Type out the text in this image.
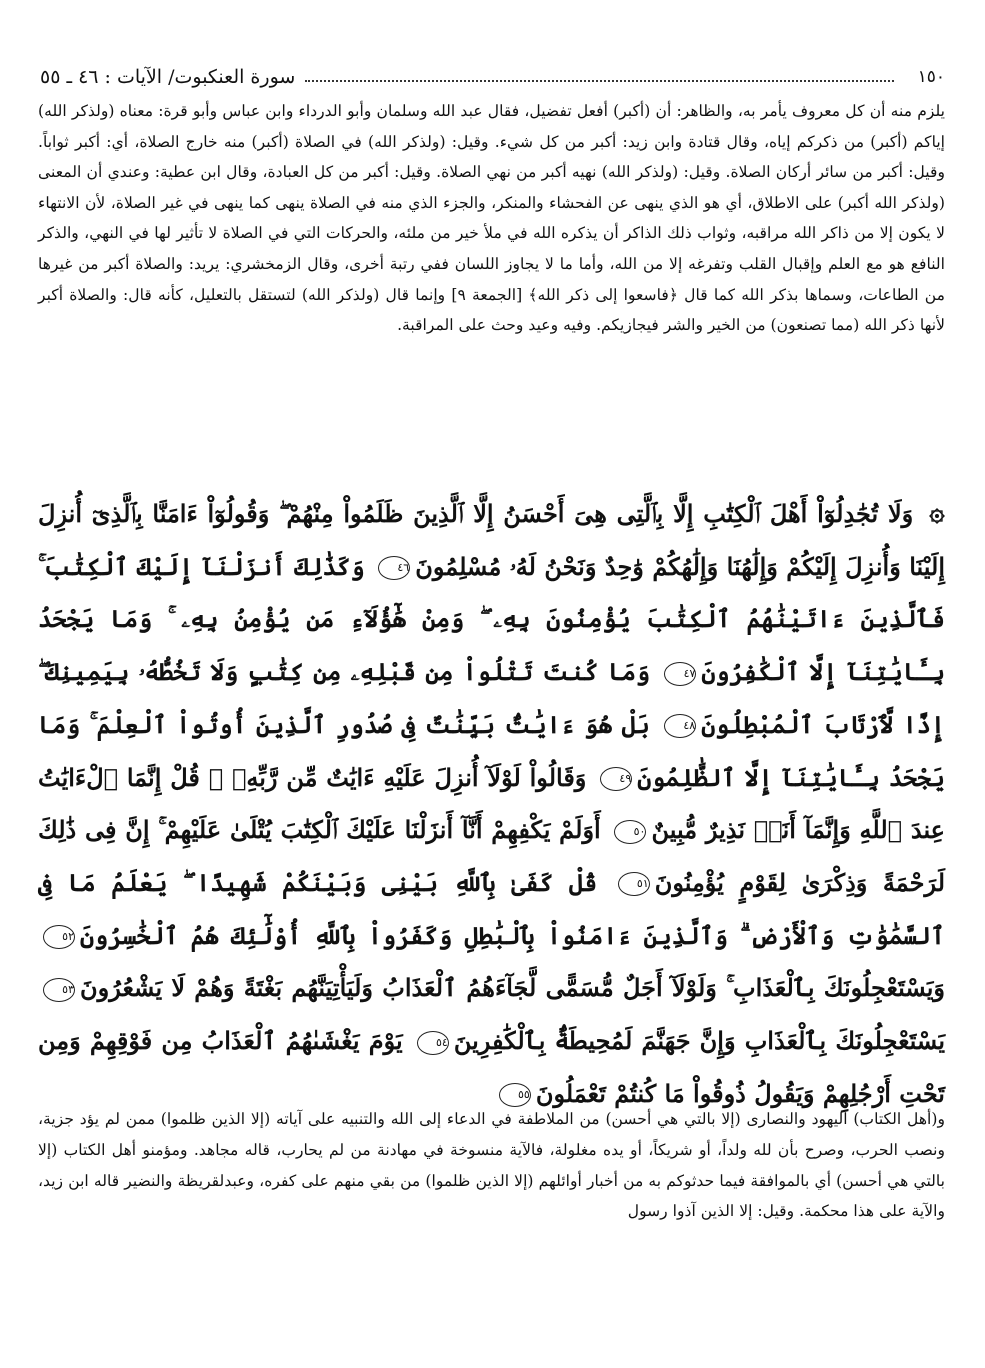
١٥٠
سورة العنكبوت/ الآيات : ٤٦ ـ ٥٥
يلزم منه أن كل معروف يأمر به، والظاهر: أن (أكبر) أفعل تفضيل، فقال عبد الله وسلمان وأبو الدرداء وابن عباس وأبو قرة: معناه (ولذكر الله) إياكم (أكبر) من ذكركم إياه، وقال قتادة وابن زيد: أكبر من كل شيء. وقيل: (ولذكر الله) في الصلاة (أكبر) منه خارج الصلاة، أي: أكبر ثواباً. وقيل: أكبر من سائر أركان الصلاة. وقيل: (ولذكر الله) نهيه أكبر من نهي الصلاة. وقيل: أكبر من كل العبادة، وقال ابن عطية: وعندي أن المعنى (ولذكر الله أكبر) على الاطلاق، أي هو الذي ينهى عن الفحشاء والمنكر، والجزء الذي منه في الصلاة ينهى كما ينهى في غير الصلاة، لأن الانتهاء لا يكون إلا من ذاكر الله مراقبه، وثواب ذلك الذاكر أن يذكره الله في ملأ خير من ملئه، والحركات التي في الصلاة لا تأثير لها في النهي، والذكر النافع هو مع العلم وإقبال القلب وتفرغه إلا من الله، وأما ما لا يجاوز اللسان ففي رتبة أخرى، وقال الزمخشري: يريد: والصلاة أكبر من غيرها من الطاعات، وسماها بذكر الله كما قال ﴿فاسعوا إلى ذكر الله﴾ [الجمعة ٩] وإنما قال (ولذكر الله) لتستقل بالتعليل، كأنه قال: والصلاة أكبر لأنها ذكر الله (مما تصنعون) من الخير والشر فيجازيكم. وفيه وعيد وحث على المراقبة.
وَلَا تُجَٰدِلُوٓاْ أَهْلَ ٱلْكِتَٰبِ إِلَّا بِٱلَّتِى هِىَ أَحْسَنُ إِلَّا ٱلَّذِينَ ظَلَمُواْ مِنْهُمْ ۖ وَقُولُوٓاْ ءَامَنَّا بِٱلَّذِىٓ أُنزِلَ إِلَيْنَا وَأُنزِلَ إِلَيْكُمْ وَإِلَٰهُنَا وَإِلَٰهُكُمْ وَٰحِدٌ وَنَحْنُ لَهُۥ مُسْلِمُونَ٤٦ وَكَذَٰلِكَ أَنزَلْنَآ إِلَيْكَ ٱلْكِتَٰبَ ۚ فَٱلَّذِينَ ءَاتَيْنَٰهُمُ ٱلْكِتَٰبَ يُؤْمِنُونَ بِهِۦ ۖ وَمِنْ هَٰٓؤُلَآءِ مَن يُؤْمِنُ بِهِۦ ۚ وَمَا يَجْحَدُ بِـَٔايَٰتِنَآ إِلَّا ٱلْكَٰفِرُونَ٤٧ وَمَا كُنتَ تَتْلُواْ مِن قَبْلِهِۦ مِن كِتَٰبٍ وَلَا تَخُطُّهُۥ بِيَمِينِكَ ۖ إِذًا لَّٱرْتَابَ ٱلْمُبْطِلُونَ٤٨ بَلْ هُوَ ءَايَٰتٌۢ بَيِّنَٰتٌ فِى صُدُورِ ٱلَّذِينَ أُوتُواْ ٱلْعِلْمَ ۚ وَمَا يَجْحَدُ بِـَٔايَٰتِنَآ إِلَّا ٱلظَّٰلِمُونَ٤٩ وَقَالُواْ لَوْلَآ أُنزِلَ عَلَيْهِ ءَايَٰتٌ مِّن رَّبِّهِۦ ۖ قُلْ إِنَّمَا ٱلْءَايَٰتُ عِندَ ٱللَّهِ وَإِنَّمَآ أَنَا۠ نَذِيرٌ مُّبِينٌ٥٠ أَوَلَمْ يَكْفِهِمْ أَنَّآ أَنزَلْنَا عَلَيْكَ ٱلْكِتَٰبَ يُتْلَىٰ عَلَيْهِمْ ۚ إِنَّ فِى ذَٰلِكَ لَرَحْمَةً وَذِكْرَىٰ لِقَوْمٍ يُؤْمِنُونَ٥١ قُلْ كَفَىٰ بِٱللَّهِ بَيْنِى وَبَيْنَكُمْ شَهِيدًا ۖ يَعْلَمُ مَا فِى ٱلسَّمَٰوَٰتِ وَٱلْأَرْضِ ۗ وَٱلَّذِينَ ءَامَنُواْ بِٱلْبَٰطِلِ وَكَفَرُواْ بِٱللَّهِ أُوْلَٰٓئِكَ هُمُ ٱلْخَٰسِرُونَ٥٢ وَيَسْتَعْجِلُونَكَ بِٱلْعَذَابِ ۚ وَلَوْلَآ أَجَلٌ مُّسَمًّى لَّجَآءَهُمُ ٱلْعَذَابُ وَلَيَأْتِيَنَّهُم بَغْتَةً وَهُمْ لَا يَشْعُرُونَ٥٣ يَسْتَعْجِلُونَكَ بِٱلْعَذَابِ وَإِنَّ جَهَنَّمَ لَمُحِيطَةٌۢ بِٱلْكَٰفِرِينَ٥٤ يَوْمَ يَغْشَىٰهُمُ ٱلْعَذَابُ مِن فَوْقِهِمْ وَمِن تَحْتِ أَرْجُلِهِمْ وَيَقُولُ ذُوقُواْ مَا كُنتُمْ تَعْمَلُونَ٥٥
و(أهل الكتاب) اليهود والنصارى (إلا بالتي هي أحسن) من الملاطفة في الدعاء إلى الله والتنبيه على آياته (إلا الذين ظلموا) ممن لم يؤد جزية، ونصب الحرب، وصرح بأن لله ولداً، أو شريكاً، أو يده مغلولة، فالآية منسوخة في مهادنة من لم يحارب، قاله مجاهد. ومؤمنو أهل الكتاب (إلا بالتي هي أحسن) أي بالموافقة فيما حدثوكم به من أخبار أوائلهم (إلا الذين ظلموا) من بقي منهم على كفره، وعبدلقريظة والنضير قاله ابن زيد، والآية على هذا محكمة. وقيل: إلا الذين آذوا رسول
